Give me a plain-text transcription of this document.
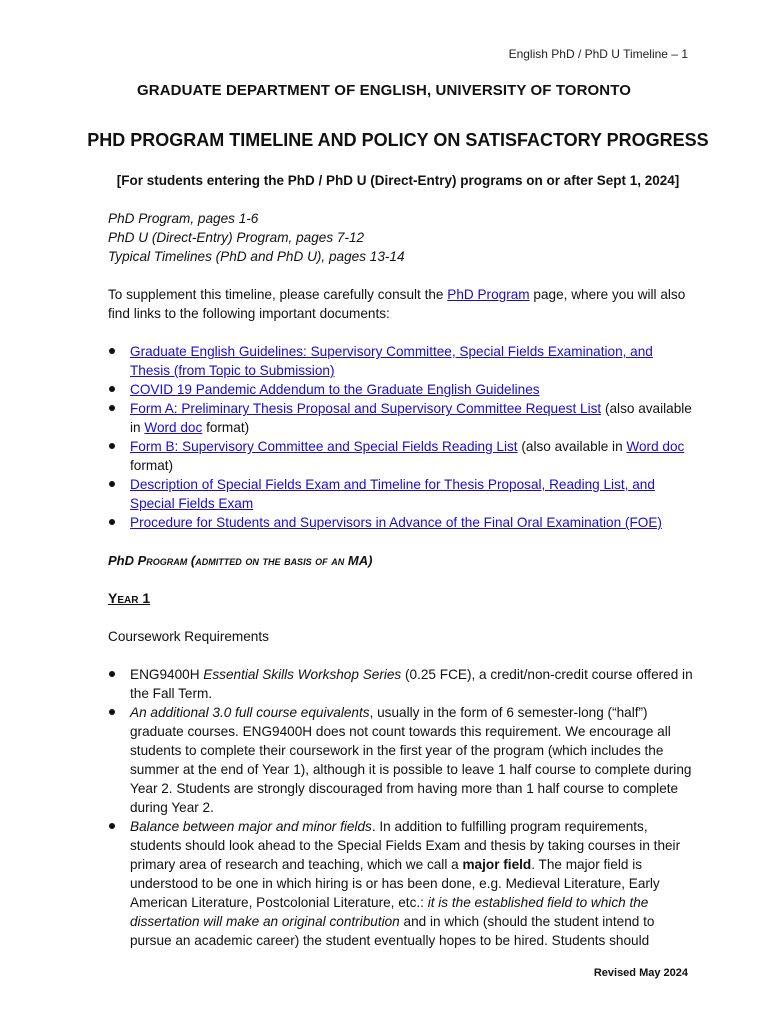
English PhD / PhD U Timeline – 1
GRADUATE DEPARTMENT OF ENGLISH, UNIVERSITY OF TORONTO
PHD PROGRAM TIMELINE AND POLICY ON SATISFACTORY PROGRESS
[For students entering the PhD / PhD U (Direct-Entry) programs on or after Sept 1, 2024]
PhD Program, pages 1-6
PhD U (Direct-Entry) Program, pages 7-12
Typical Timelines (PhD and PhD U), pages 13-14

To supplement this timeline, please carefully consult the PhD Program page, where you will also find links to the following important documents:

Graduate English Guidelines: Supervisory Committee, Special Fields Examination, and Thesis (from Topic to Submission)
COVID 19 Pandemic Addendum to the Graduate English Guidelines
Form A: Preliminary Thesis Proposal and Supervisory Committee Request List (also available in Word doc format)
Form B: Supervisory Committee and Special Fields Reading List (also available in Word doc format)
Description of Special Fields Exam and Timeline for Thesis Proposal, Reading List, and Special Fields Exam
Procedure for Students and Supervisors in Advance of the Final Oral Examination (FOE)

PhD Program (admitted on the basis of an MA)

Year 1

Coursework Requirements

ENG9400H Essential Skills Workshop Series (0.25 FCE), a credit/non-credit course offered in the Fall Term.
An additional 3.0 full course equivalents, usually in the form of 6 semester-long (“half”) graduate courses. ENG9400H does not count towards this requirement. We encourage all students to complete their coursework in the first year of the program (which includes the summer at the end of Year 1), although it is possible to leave 1 half course to complete during Year 2. Students are strongly discouraged from having more than 1 half course to complete during Year 2.
Balance between major and minor fields. In addition to fulfilling program requirements, students should look ahead to the Special Fields Exam and thesis by taking courses in their primary area of research and teaching, which we call a major field. The major field is understood to be one in which hiring is or has been done, e.g. Medieval Literature, Early American Literature, Postcolonial Literature, etc.: it is the established field to which the dissertation will make an original contribution and in which (should the student intend to pursue an academic career) the student eventually hopes to be hired. Students should
Revised May 2024
